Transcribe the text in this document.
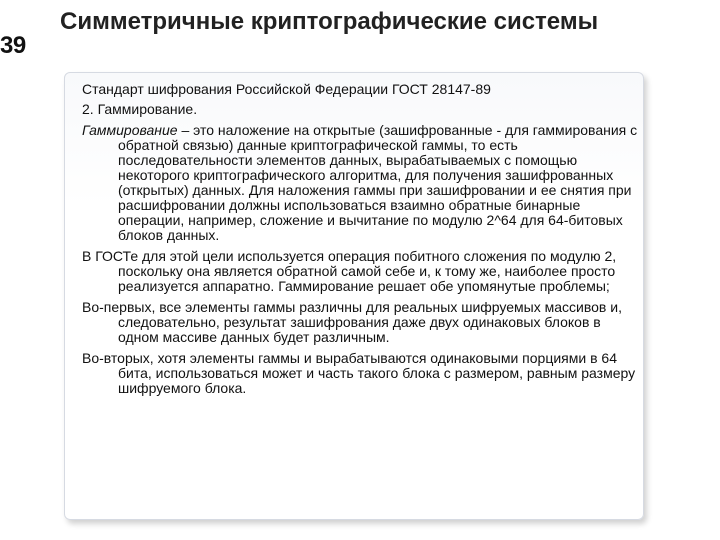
39
Симметричные криптографические системы

Стандарт шифрования Российской Федерации ГОСТ 28147-89

2. Гаммирование.

Гаммирование – это наложение на открытые (зашифрованные - для гаммирования с обратной связью) данные криптографической гаммы, то есть последовательности элементов данных, вырабатываемых с помощью некоторого криптографического алгоритма, для получения зашифрованных (открытых) данных. Для наложения гаммы при зашифровании и ее снятия при расшифровании должны использоваться взаимно обратные бинарные операции, например, сложение и вычитание по модулю 2^64 для 64-битовых блоков данных.

В ГОСТе для этой цели используется операция побитного сложения по модулю 2, поскольку она является обратной самой себе и, к тому же, наиболее просто реализуется аппаратно. Гаммирование решает обе упомянутые проблемы;

Во-первых, все элементы гаммы различны для реальных шифруемых массивов и, следовательно, результат зашифрования даже двух одинаковых блоков в одном массиве данных будет различным.

Во-вторых, хотя элементы гаммы и вырабатываются одинаковыми порциями в 64 бита, использоваться может и часть такого блока с размером, равным размеру шифруемого блока.
